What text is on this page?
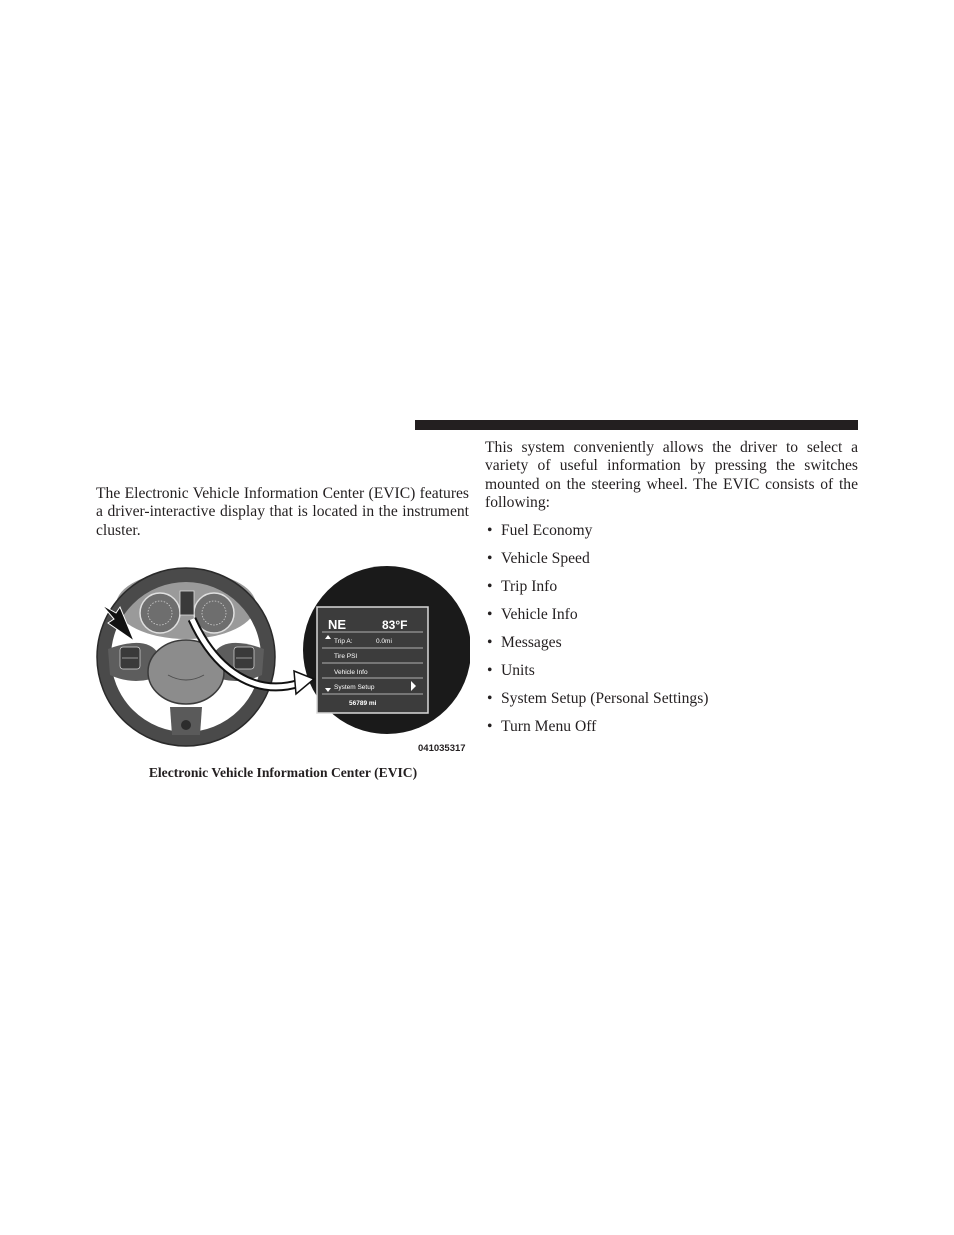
The Electronic Vehicle Information Center (EVIC) features a driver-interactive display that is located in the instrument cluster.

NE	83°F
Trip A:	0.0mi
Tire PSI
Vehicle Info
System Setup
56789 mi
041035317
Electronic Vehicle Information Center (EVIC)

This system conveniently allows the driver to select a variety of useful information by pressing the switches mounted on the steering wheel. The EVIC consists of the following:

• Fuel Economy
• Vehicle Speed
• Trip Info
• Vehicle Info
• Messages
• Units
• System Setup (Personal Settings)
• Turn Menu Off
